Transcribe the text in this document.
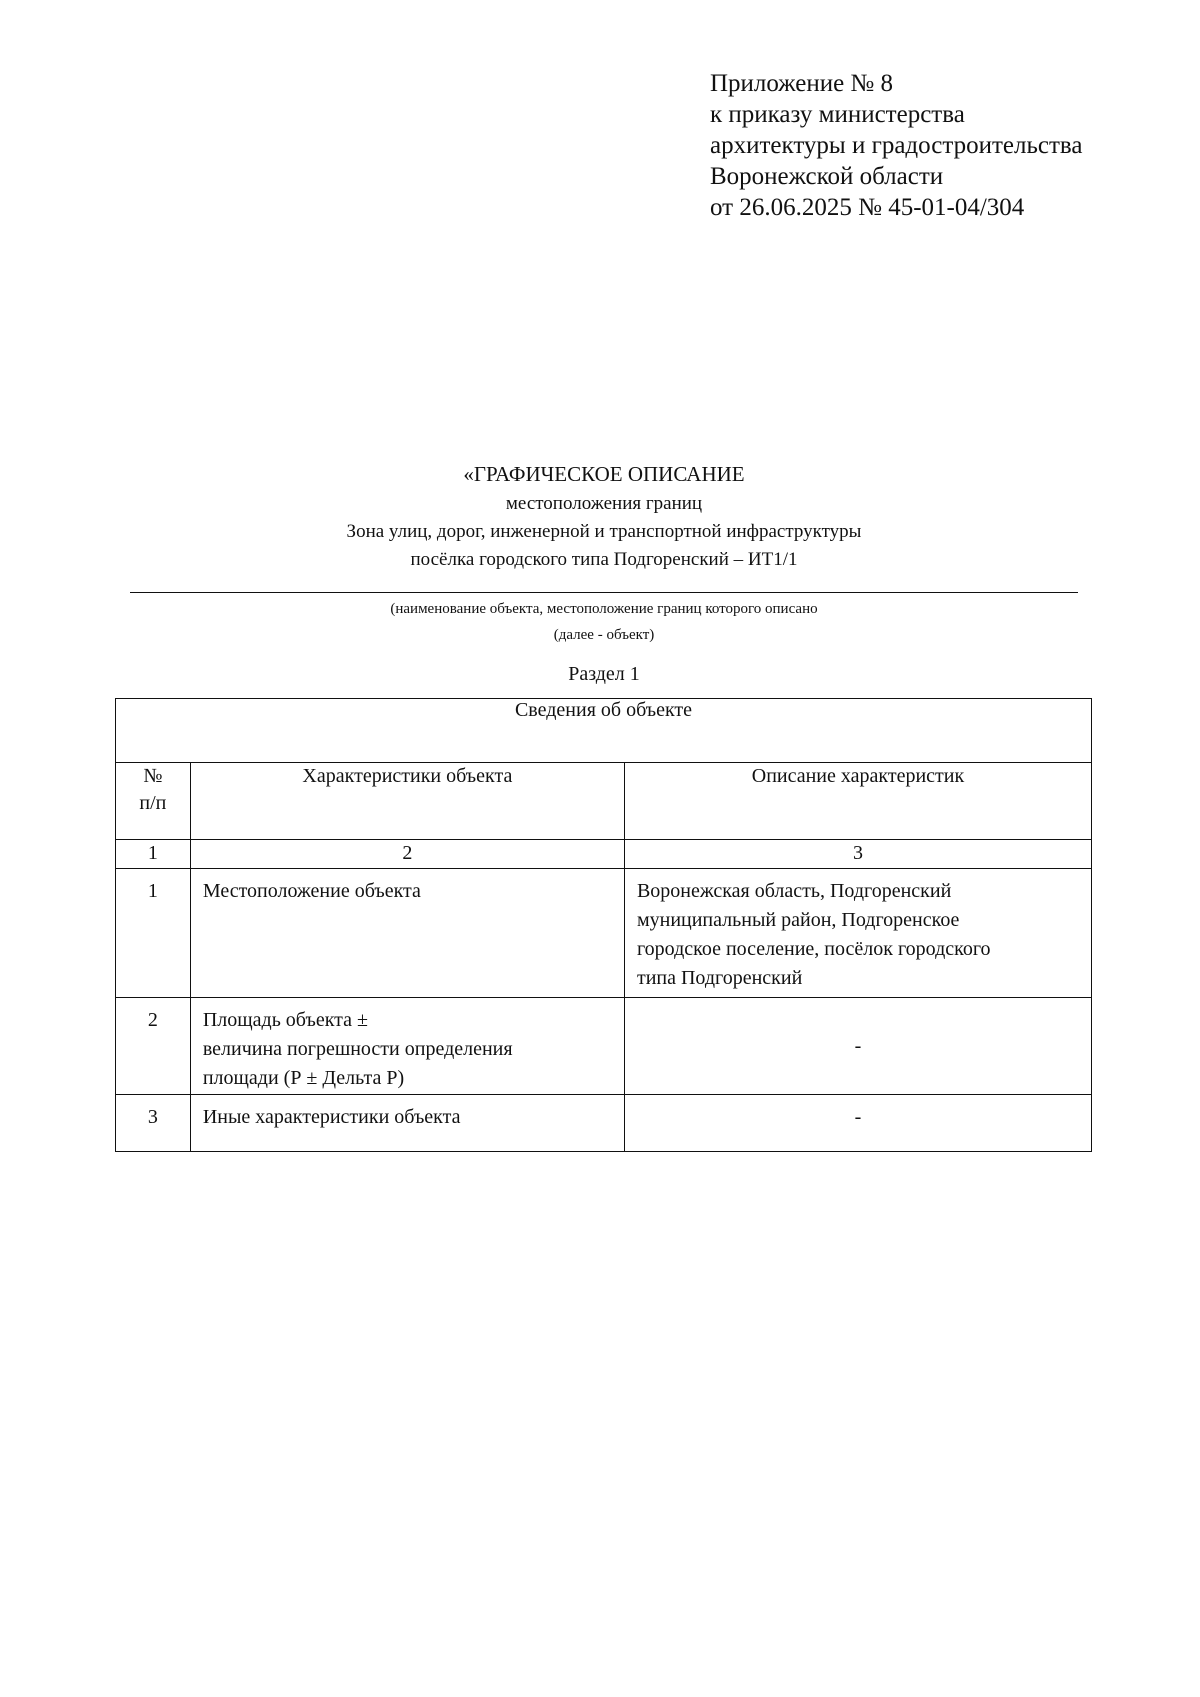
Приложение № 8
к приказу министерства
архитектуры и градостроительства
Воронежской области
от 26.06.2025 № 45-01-04/304
«ГРАФИЧЕСКОЕ ОПИСАНИЕ
местоположения границ
Зона улиц, дорог, инженерной и транспортной инфраструктуры
посёлка городского типа Подгоренский – ИТ1/1
(наименование объекта, местоположение границ которого описано
(далее - объект)
Раздел 1
Сведения об объекте		

№
п/п	Характеристики объекта	Описание характеристик
1	2	3

1	Местоположение объекта	Воронежская область, Подгоренский
муниципальный район, Подгоренское
городское поселение, посёлок городского
типа Подгоренский

2	Площадь объекта ±
величина погрешности определения
площади (Р ± Дельта Р)	-

3	Иные характеристики объекта	-
